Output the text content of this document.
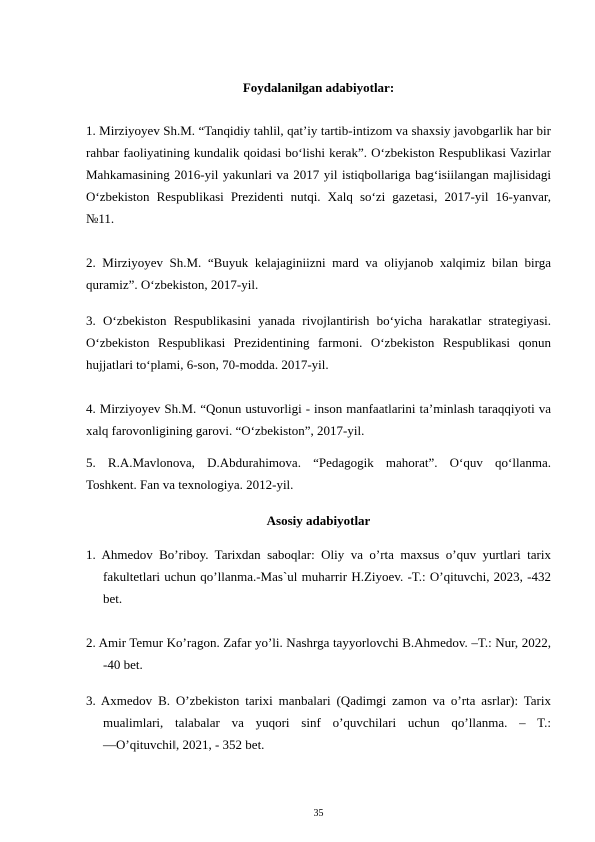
Foydalanilgan adabiyotlar:
1. Mirziyoyev Sh.M. “Tanqidiy tahlil, qat’iy tartib-intizom va shaxsiy javobgarlik har bir rahbar faoliyatining kundalik qoidasi bo‘lishi kerak”. O‘zbekiston Respublikasi Vazirlar Mahkamasining 2016-yil yakunlari va 2017 yil istiqbollariga bag‘isiilangan majlisidagi O‘zbekiston Respublikasi Prezidenti nutqi. Xalq so‘zi gazetasi, 2017-yil 16-yanvar, №11.
2. Mirziyoyev Sh.M. “Buyuk kelajaginiizni mard va oliyjanob xalqimiz bilan birga quramiz”. O‘zbekiston, 2017-yil.
3. O‘zbekiston Respublikasini yanada rivojlantirish bo‘yicha harakatlar strategiyasi. O‘zbekiston Respublikasi Prezidentining farmoni. O‘zbekiston Respublikasi qonun hujjatlari to‘plami, 6-son, 70-modda. 2017-yil.
4. Mirziyoyev Sh.M. “Qonun ustuvorligi - inson manfaatlarini ta’minlash taraqqiyoti va xalq farovonligining garovi. “O‘zbekiston”, 2017-yil.
5. R.A.Mavlonova, D.Abdurahimova. “Pedagogik mahorat”. O‘quv qo‘llanma. Toshkent. Fan va texnologiya. 2012-yil.
Asosiy adabiyotlar
1. Ahmedov Bo’riboy. Tarixdan saboqlar: Oliy va o’rta maxsus o’quv yurtlari tarix fakultetlari uchun qo’llanma.-Mas`ul muharrir H.Ziyoev. -T.: O’qituvchi, 2023, -432 bet.
2. Amir Temur Ko’ragon. Zafar yo’li. Nashrga tayyorlovchi B.Ahmedov. –T.: Nur, 2022, -40 bet.
3. Axmedov B. O’zbekiston tarixi manbalari (Qadimgi zamon va o’rta asrlar): Tarix mualimlari, talabalar va yuqori sinf o’quvchilari uchun qo’llanma. – T.: ―O’qituvchi‖, 2021, - 352 bet.
35
